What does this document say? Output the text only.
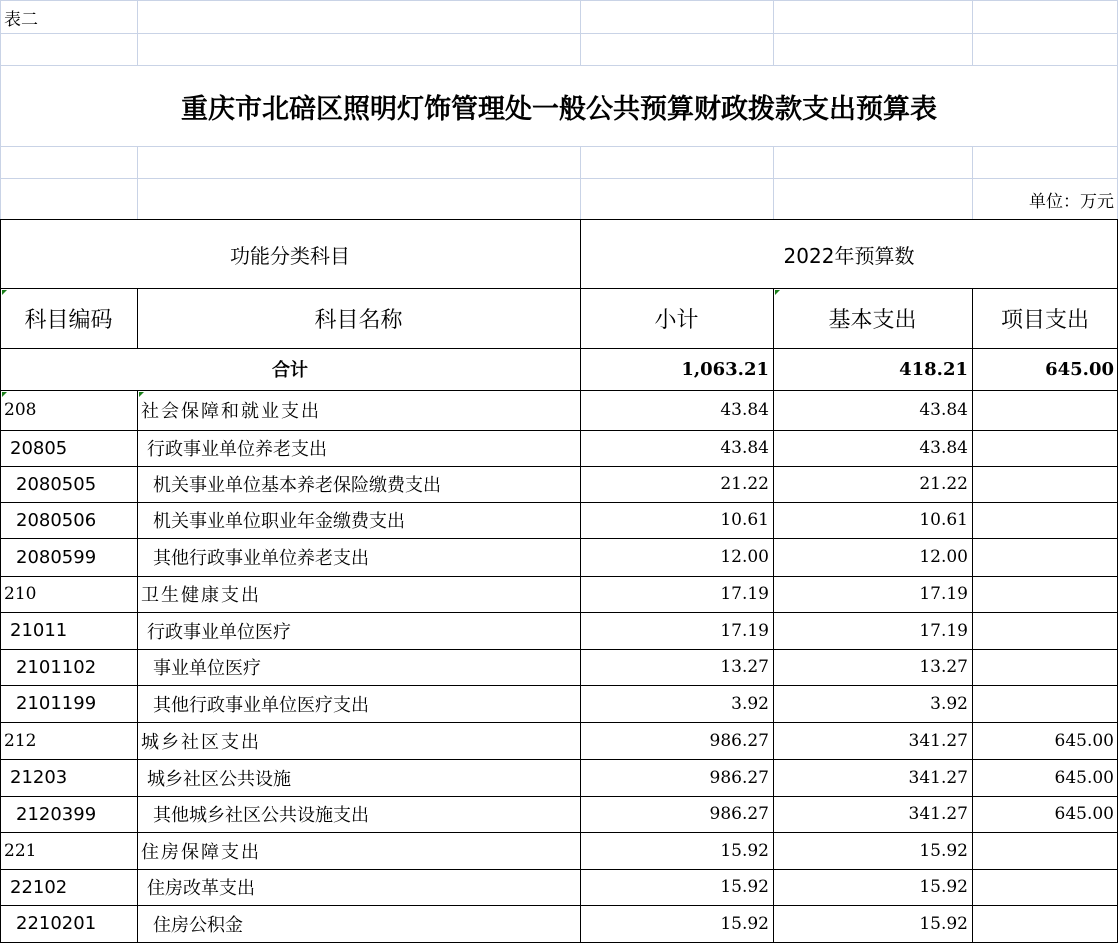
表二
重庆市北碚区照明灯饰管理处一般公共预算财政拨款支出预算表
单位：万元
功能分类科目	2022年预算数
科目编码	科目名称	小计	基本支出	项目支出
合计	1,063.21	418.21	645.00
208	社会保障和就业支出	43.84	43.84
20805	行政事业单位养老支出	43.84	43.84
2080505	机关事业单位基本养老保险缴费支出	21.22	21.22
2080506	机关事业单位职业年金缴费支出	10.61	10.61
2080599	其他行政事业单位养老支出	12.00	12.00
210	卫生健康支出	17.19	17.19
21011	行政事业单位医疗	17.19	17.19
2101102	事业单位医疗	13.27	13.27
2101199	其他行政事业单位医疗支出	3.92	3.92
212	城乡社区支出	986.27	341.27	645.00
21203	城乡社区公共设施	986.27	341.27	645.00
2120399	其他城乡社区公共设施支出	986.27	341.27	645.00
221	住房保障支出	15.92	15.92
22102	住房改革支出	15.92	15.92
2210201	住房公积金	15.92	15.92
